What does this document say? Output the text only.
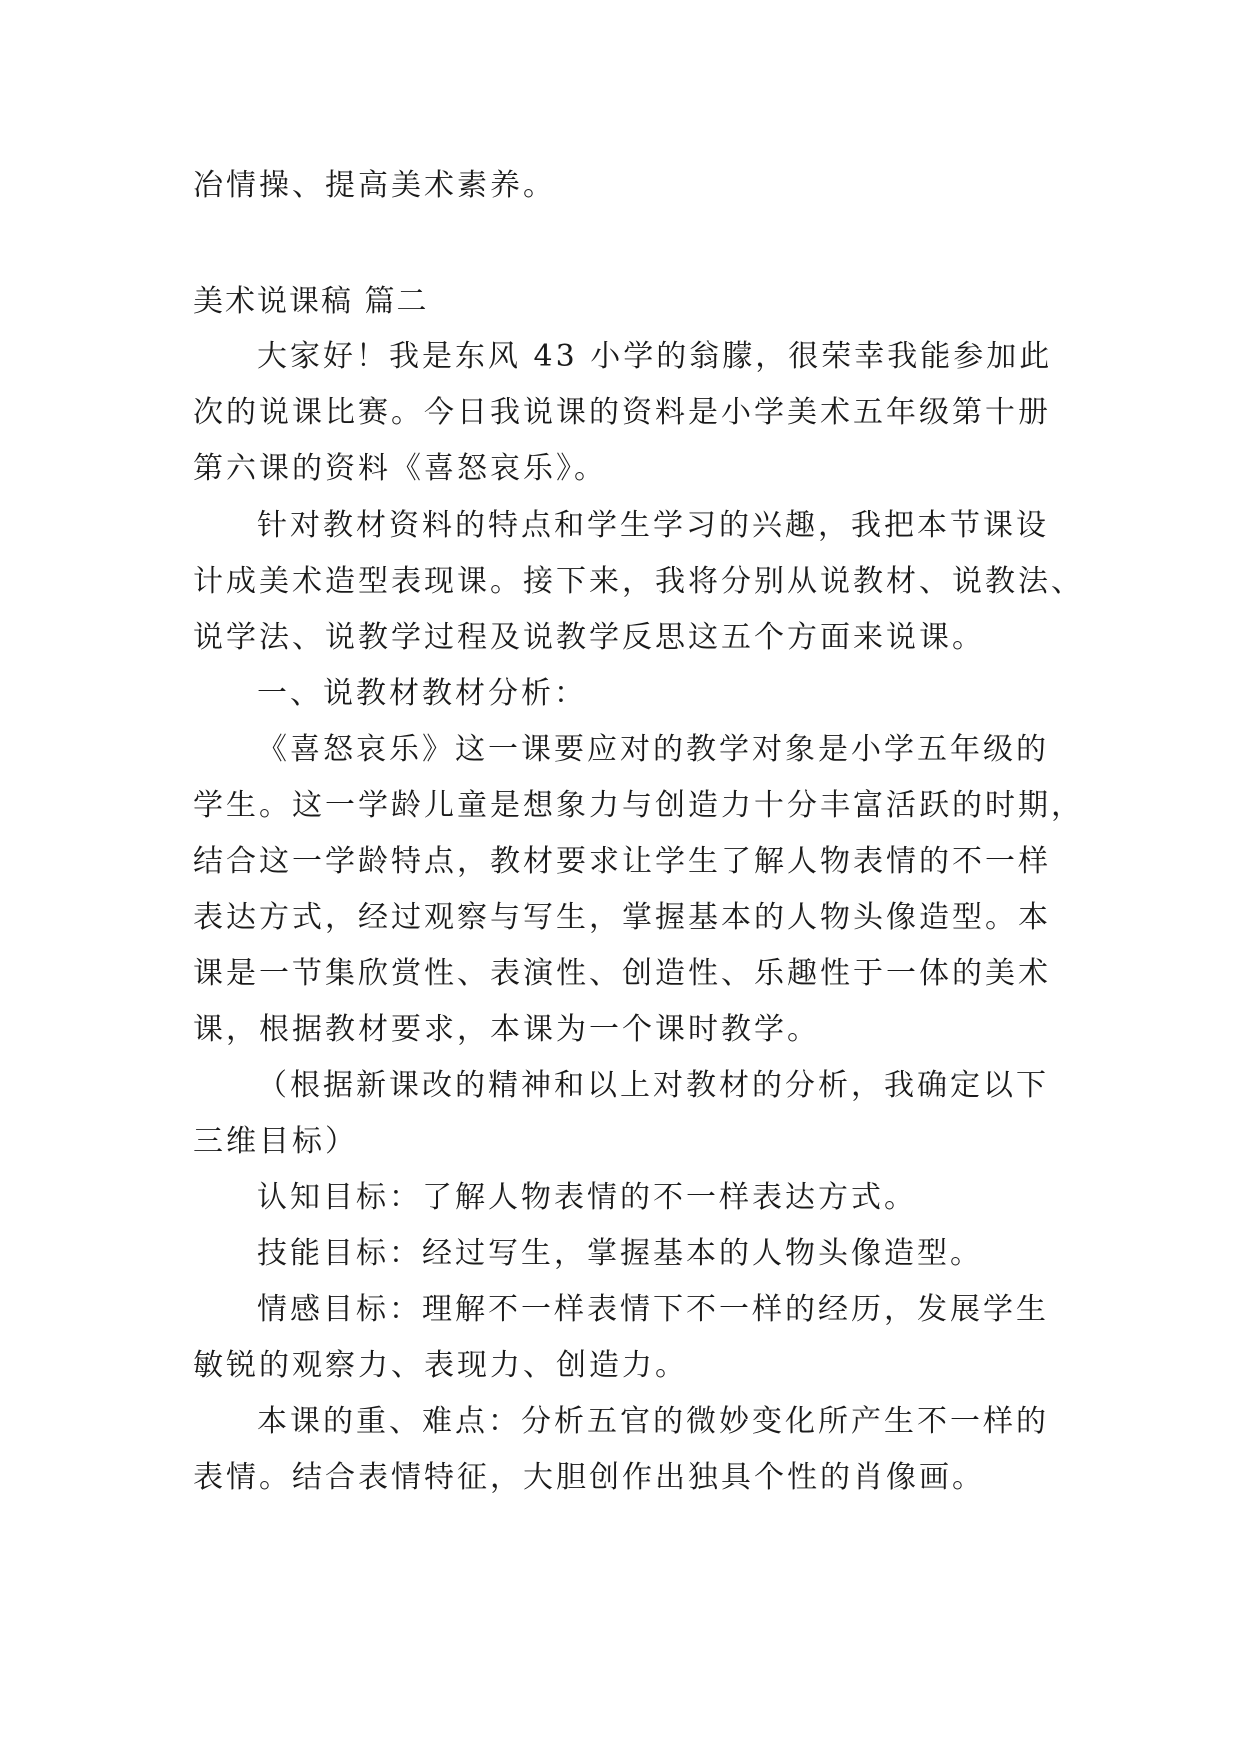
冶情操、提高美术素养。
美术说课稿 篇二
大家好！我是东风 43 小学的翁朦，很荣幸我能参加此
次的说课比赛。今日我说课的资料是小学美术五年级第十册
第六课的资料《喜怒哀乐》。
针对教材资料的特点和学生学习的兴趣，我把本节课设
计成美术造型表现课。接下来，我将分别从说教材、说教法、
说学法、说教学过程及说教学反思这五个方面来说课。
一、说教材教材分析：
《喜怒哀乐》这一课要应对的教学对象是小学五年级的
学生。这一学龄儿童是想象力与创造力十分丰富活跃的时期，
结合这一学龄特点，教材要求让学生了解人物表情的不一样
表达方式，经过观察与写生，掌握基本的人物头像造型。本
课是一节集欣赏性、表演性、创造性、乐趣性于一体的美术
课，根据教材要求，本课为一个课时教学。
（根据新课改的精神和以上对教材的分析，我确定以下
三维目标）
认知目标：了解人物表情的不一样表达方式。
技能目标：经过写生，掌握基本的人物头像造型。
情感目标：理解不一样表情下不一样的经历，发展学生
敏锐的观察力、表现力、创造力。
本课的重、难点：分析五官的微妙变化所产生不一样的
表情。结合表情特征，大胆创作出独具个性的肖像画。
